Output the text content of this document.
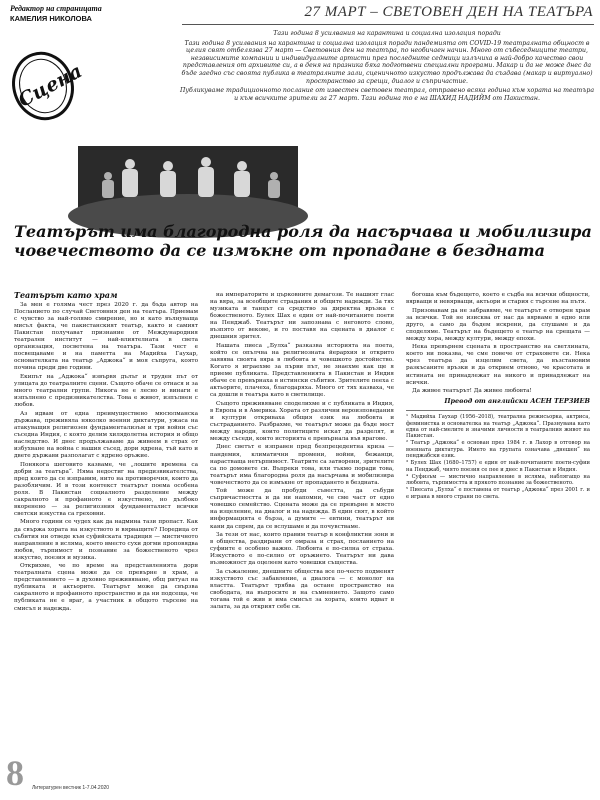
Редактор на страницата
КАМЕЛИЯ НИКОЛОВА	27 МАРТ – СВЕТОВЕН ДЕН НА ТЕАТЪРА
Сцена

Тази година 8 усилвания на карантина и социална изолация поради

Тази година 8 усилвания на карантина и социална изолация поради пандемията от COVID-19 театралната общност в целия свят отбелязва 27 март — Световния ден на театъра, по необичаен начин. Много от събеседниците театри, независимите компании и индивидуалните артисти през последните седмици излъчиха в най-добро качество свои представления от архивите си, а в деня на празника бяха подготвени специални програми. Макар и да не може днес да бъде заедно със своята публика в театралните зали, сценичното изкуство продължава да създава (макар и виртуално) пространство за срещи, диалог и съпричастие.

Публикуваме традиционното послание от известен световен театрал, отправено всяка година към хората на театъра и към всичките зрители за 27 март. Тази година то е на ШАХИД НАДИЙМ от Пакистан.

Театърът има благородна роля да насърчава и мобилизира човечеството да се измъкне от пропадане в бездната
Театърът като храм

За мен е голяма чест през 2020 г. да бъда автор на Посланието по случай Световния ден на театъра. Приемам с чувство за най-голямо смирение, но и като вълнуваща мисъл факта, че пакистанският театър, както и самият Пакистан получават признание от Международния театрален институт — най-влиятелната в света организация, посветена на театъра. Тази чест е посвещаваме и на паметта на Мадийха Гаухар, основателката на театър „Аджока“ и моя съпруга, която почина преди две години.

Екипът на „Аджока“ извървя дълъг и труден път от улицата до театралните сцени. Същото обаче се отнася и за много театрални групи. Никога не е лесно и винаги е изпълнено с предизвикателства. Това е живот, изпълнен с любов.

Аз идвам от една преимуществено мюсюлманска държава, преживяла няколко военни диктатури, ужаса на атакуващия религиозен фундаментализъм и три войни със съседна Индия, с която делим хилядолетна история и общо наследство. И днес продължаваме да живеем в страх от избухване на война с нашия съсед, дори ядрена, тъй като и двете държави разполагат с ядрено оръжие.

Понякога шеговито казваме, че „лошите времена са добри за театъра“. Няма недостиг на предизвикателства, пред които да се изправим, нито на противоречия, които да разобличим. И в този контекст театърът поема особена роля. В Пакистан социалното разделение между сакралното и профанното е изкуствено, но дълбоко вкоренено — за религиозния фундаменталист всички светски изкуства са греховни.

Много години се чудех как да надмина тази пропаст. Как да свържа хората на изкуството и вярващите? Поредица от събития ни отведе към суфийската традиция — мистичното направление в исляма, което вместо сухи догми проповядва любов, търпимост и познание за божественото чрез изкуство, поезия и музика.

Открихме, че по време на представленията дори театралната сцена може да се превърне в храм, а представлението — в духовно преживяване, общ ритуал на публиката и актьорите. Театърът може да свързва сакралното и профанното пространство и да ни подсеща, че публиката не е враг, а участник в общото търсене на смисъл и надежда.

на императорите и църковните демагози. Те нашият глас на вяра, за всеобщите страдания и общите надежди. За тях музиката и танцът са средство за директна връзка с божественото. Булех Шах е един от най-почитаните поети на Пенджаб. Театърът ни запознава с неговото слово, възпято от векове, и го поставя на сцената в диалог с днешния зрител.

Нашата пиеса „Булха“ разказва историята на поета, който се опълчва на религиозната йерархия и открито заявява своята вяра в любовта и човешкото достойнство. Когато я играехме за първи път, не знаехме как ще я приеме публиката. Представленията в Пакистан и Индия обаче се превърнаха в истински събития. Зрителите пееха с актьорите, плачеха, благодаряха. Много от тях казваха, че са дошли в театъра като в светилище.

Същото преживяване споделихме и с публиката в Индия, в Европа и в Америка. Хората от различни вероизповедания и култури откриваха общия език на любовта и състраданието. Разбрахме, че театърът може да бъде мост между народи, които политиците искат да разделят, и между съседи, които историята е превърнала във врагове.

Днес светът е изправен пред безпрецедентна криза — пандемия, климатични промени, войни, бежанци, нарастваща нетърпимост. Театрите са затворени, зрителите са по домовете си. Въпреки това, или тъкмо поради това, театърът има благородна роля да насърчава и мобилизира човечеството да се измъкне от пропадането в бездната.

Той може да пробуди съвестта, да събуди съпричастността и да ни напомни, че сме част от едно човешко семейство. Сцената може да се превърне в място на изцеление, на диалог и на надежда. В един свят, в който информацията е бърза, а думите — евтини, театърът ни кани да спрем, да се вслушаме и да почувстваме.

За тези от нас, които правим театър в конфликтни зони и в общества, раздирани от омраза и страх, посланието на суфиите е особено важно. Любовта е по-силна от страха. Изкуството е по-силно от оръжието. Театърът ни дава възможност да оцелеем като човешки същества.

За съжаление, днешните общества все по-често подменят изкуството със забавление, а диалога — с монолог на властта. Театърът трябва да остане пространство на свободата, на въпросите и на съмнението. Защото само тогава той е жив и има смисъл за хората, които идват в залата, за да открият себе си.

богоша към бъдещето, което е съдба на всички общности, вярващи и невярващи, актьори и стария с търсене на пътя.

Призовавам да не забравяме, че театърът е отворен храм за всички. Той не изисква от нас да вярваме в едно или друго, а само да бъдем искрени, да слушаме и да споделяме. Театърът на бъдещето е театър на срещата — между хора, между култури, между епохи.

Нека превърнем сцената в пространство на светлината, което ни показва, че сме повече от страховете си. Нека чрез театъра да изцелим света, да възстановим разкъсаните връзки и да открием отново, че красотата и истината не принадлежат на никого и принадлежат на всички.

Да живее театърът! Да живее любовта!

Превод от английски АСЕН ТЕРЗИЕВ

¹ Мадийха Гаухар (1956–2018), театрална режисьорка, актриса, феминистка и основателка на театър „Аджока“. Празнувана като една от най-смелите и значими личности в театралния живот на Пакистан.

² Театър „Аджока“ е основан през 1984 г. в Лахор в отговор на военната диктатура. Името на групата означава „днешен“ на пенджабски език.

³ Булех Шах (1680–1757) е един от най-почитаните поети-суфии на Пенджаб, чиято поезия се пее и днес в Пакистан и Индия.

⁴ Суфизъм — мистично направление в исляма, наблягащо на любовта, търпимостта и прякото познание за божественото.

⁵ Пиесата „Булха“ е поставена от театър „Аджока“ през 2001 г. и е играна в много страни по света.

8 Литературен вестник 1-7.04.2020
